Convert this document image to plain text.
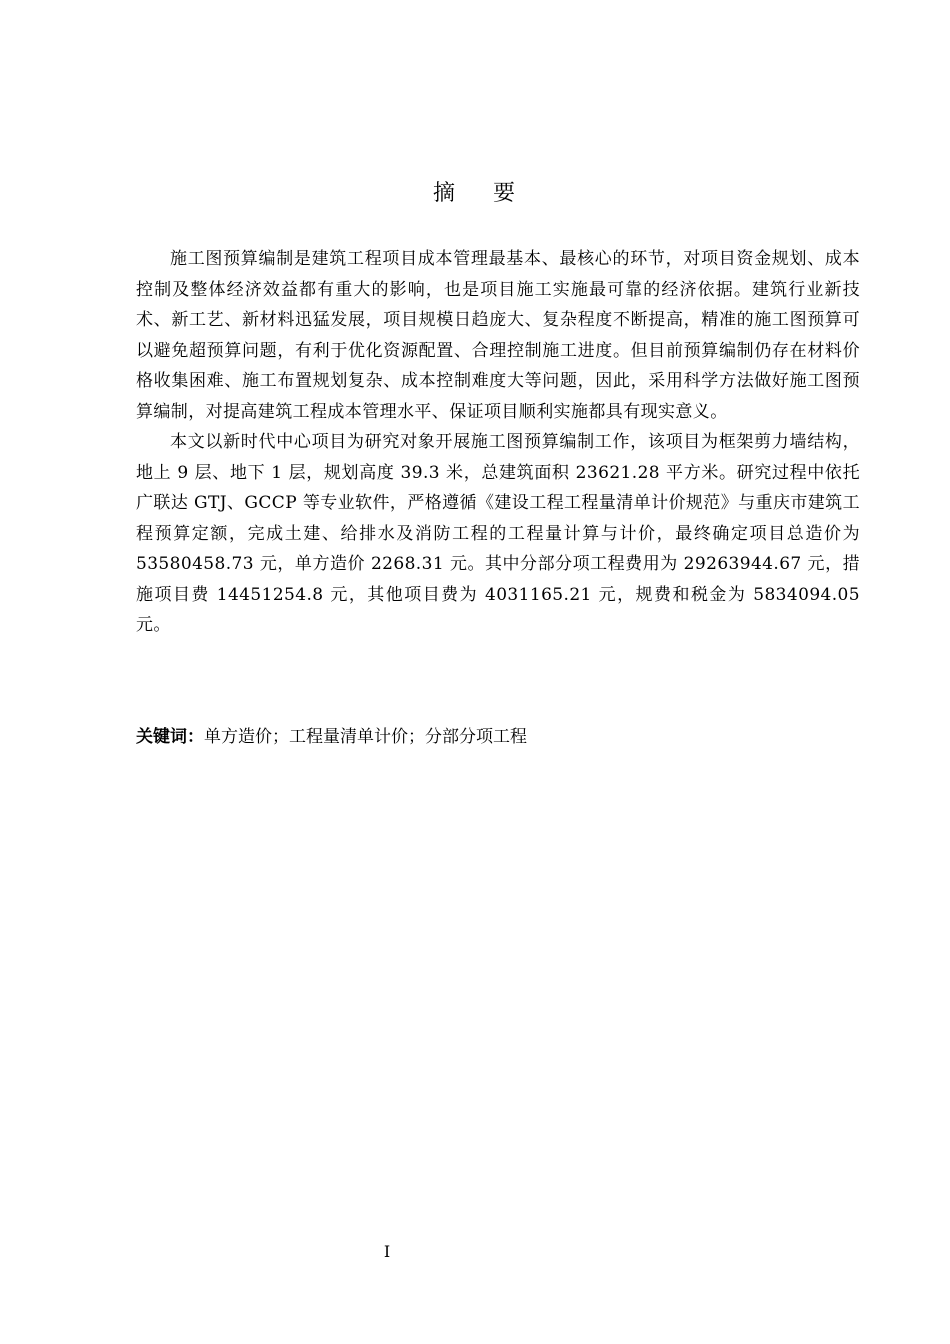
摘    要

施工图预算编制是建筑工程项目成本管理最基本、最核心的环节，对项目资金规划、成本控制及整体经济效益都有重大的影响，也是项目施工实施最可靠的经济依据。建筑行业新技术、新工艺、新材料迅猛发展，项目规模日趋庞大、复杂程度不断提高，精准的施工图预算可以避免超预算问题，有利于优化资源配置、合理控制施工进度。但目前预算编制仍存在材料价格收集困难、施工布置规划复杂、成本控制难度大等问题，因此，采用科学方法做好施工图预算编制，对提高建筑工程成本管理水平、保证项目顺利实施都具有现实意义。

本文以新时代中心项目为研究对象开展施工图预算编制工作，该项目为框架剪力墙结构，地上 9 层、地下 1 层，规划高度 39.3 米，总建筑面积 23621.28 平方米。研究过程中依托广联达 GTJ、GCCP 等专业软件，严格遵循《建设工程工程量清单计价规范》与重庆市建筑工程预算定额，完成土建、给排水及消防工程的工程量计算与计价，最终确定项目总造价为 53580458.73 元，单方造价 2268.31 元。其中分部分项工程费用为 29263944.67 元，措施项目费 14451254.8 元，其他项目费为 4031165.21 元，规费和税金为 5834094.05 元。

关键词：单方造价；工程量清单计价；分部分项工程
I
